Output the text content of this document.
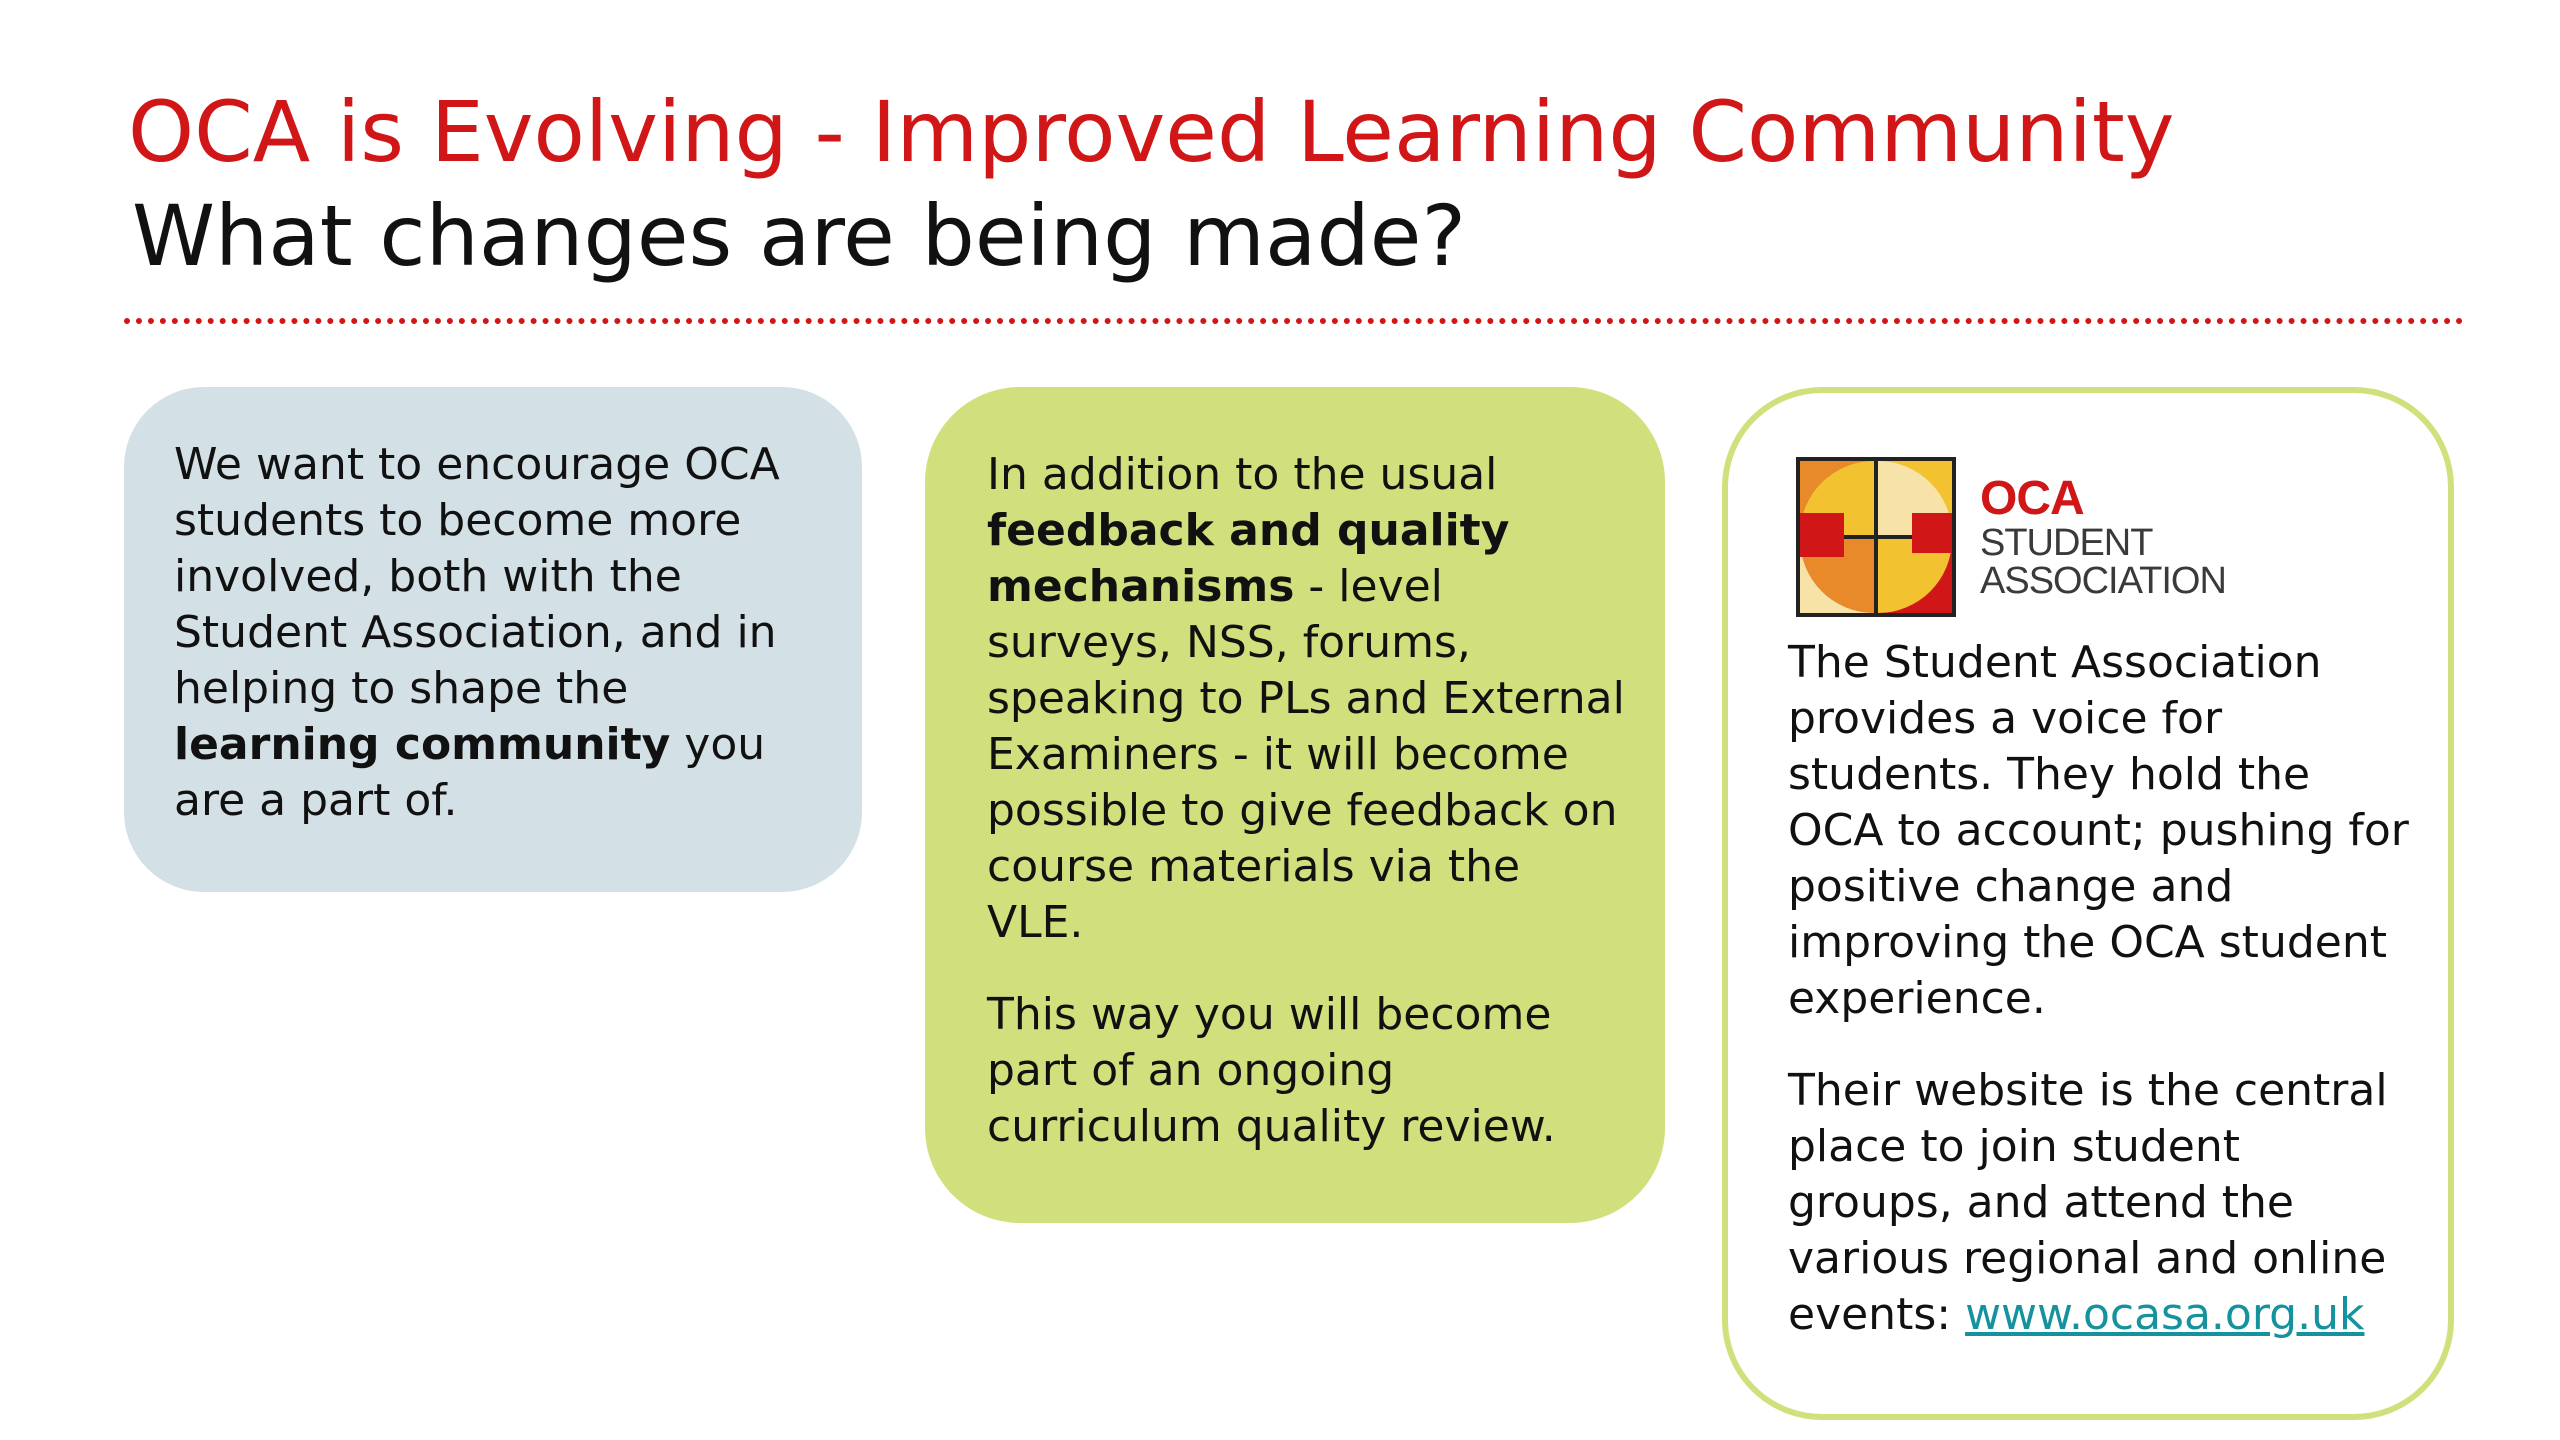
OCA is Evolving - Improved Learning Community
What changes are being made?

We want to encourage OCA students to become more involved, both with the Student Association, and in helping to shape the learning community you are a part of.

In addition to the usual feedback and quality mechanisms - level surveys, NSS, forums, speaking to PLs and External Examiners - it will become possible to give feedback on course materials via the VLE.

This way you will become part of an ongoing curriculum quality review.

OCA
STUDENT
ASSOCIATION

The Student Association provides a voice for students. They hold the OCA to account; pushing for positive change and improving the OCA student experience.

Their website is the central place to join student groups, and attend the various regional and online events: www.ocasa.org.uk
